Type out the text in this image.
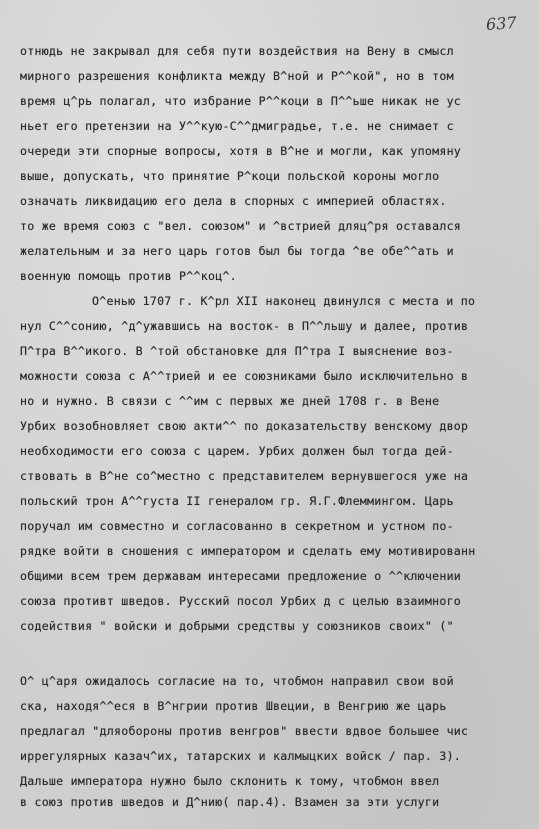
637
отнюдь не закрывал для себя пути воздействия на Вену в смысл
мирного разрешения конфликта между В^ной и Р^^кой", но в том
время ц^рь полагал, что избрание Р^^коци в П^^ьше никак не ус
ньет его претензии на У^^кую-С^^дмиградье, т.е. не снимает с
очереди эти спорные вопросы, хотя в В^не и могли, как упомяну
выше, допускать, что принятие Р^коци польской короны могло
означать ликвидацию его дела в спорных с империей областях.
то же время союз с "вел. союзом" и ^встрией дляц^ря оставался
желательным и за него царь готов был бы тогда ^ве обе^^ать и
военную помощь против Р^^коц^.
О^енью 1707 г. К^рл XII наконец двинулся с места и по
нул С^^сонию, ^д^ужавшись на восток- в П^^льшу и далее, против
П^тра В^^икого. В ^той обстановке для П^тра I выяснение воз-
можности союза с А^^трией и ее союзниками было исключительно в
но и нужно. В связи с ^^им с первых же дней 1708 г. в Вене
Урбих возобновляет свою акти^^ по доказательству венскому двор
необходимости его союза с царем. Урбих должен был тогда дей-
ствовать в В^не со^местно с представителем вернувшегося уже на
польский трон А^^густа II генералом гр. Я.Г.Флеммингом. Царь
поручал им совместно и согласованно в секретном и устном по-
рядке войти в сношения с императором и сделать ему мотивированн
общими всем трем державам интересами предложение о ^^ключении
союза противт шведов. Русский посол Урбих д с целью взаимного
содействия " войски и добрыми средствы у союзников своих" ("
О^ ц^аря ожидалось согласие на то, чтобмон направил свои вой
ска, находя^^еся в В^нгрии против Швеции, в Венгрию же царь
предлагал "дляобороны против венгров" ввести вдвое большее чис
иррегулярных казач^их, татарских и калмыцких войск / пар. 3).
Дальше императора нужно было склонить к тому, чтобмон ввел
в союз против шведов и Д^нию( пар.4). Взамен за эти услуги
